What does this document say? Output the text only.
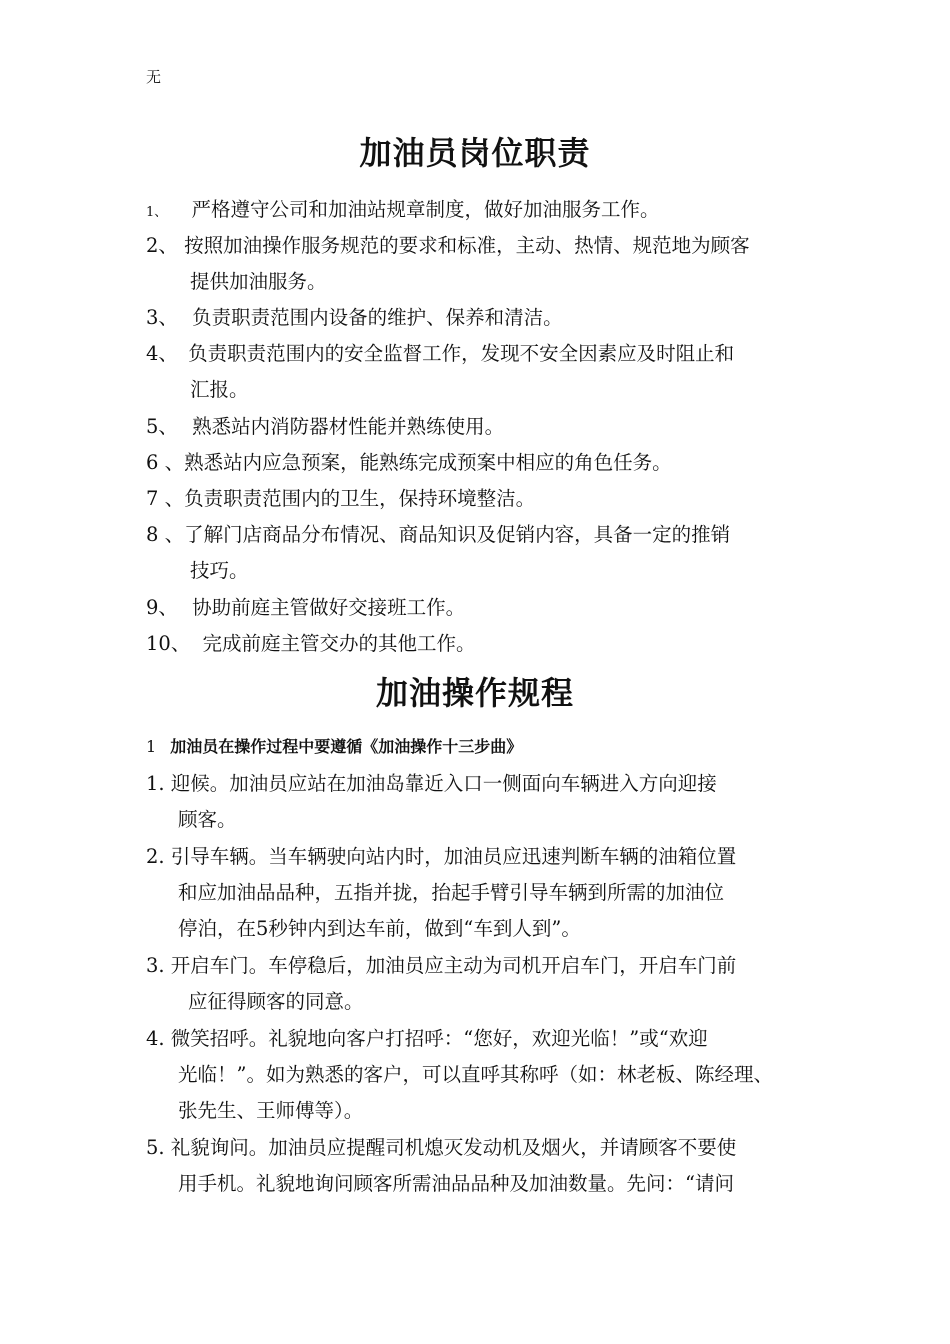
无
加油员岗位职责
1、 严格遵守公司和加油站规章制度，做好加油服务工作。
2、 按照加油操作服务规范的要求和标准，主动、热情、规范地为顾客
提供加油服务。
3、 负责职责范围内设备的维护、保养和清洁。
4、 负责职责范围内的安全监督工作，发现不安全因素应及时阻止和
汇报。
5、 熟悉站内消防器材性能并熟练使用。
6 、熟悉站内应急预案，能熟练完成预案中相应的角色任务。
7 、负责职责范围内的卫生，保持环境整洁。
8 、了解门店商品分布情况、商品知识及促销内容，具备一定的推销
技巧。
9、 协助前庭主管做好交接班工作。
10、 完成前庭主管交办的其他工作。
加油操作规程
1 加油员在操作过程中要遵循《加油操作十三步曲》
1. 迎候。加油员应站在加油岛靠近入口一侧面向车辆进入方向迎接
顾客。
2. 引导车辆。当车辆驶向站内时，加油员应迅速判断车辆的油箱位置
和应加油品品种，五指并拢，抬起手臂引导车辆到所需的加油位
停泊，在5秒钟内到达车前，做到“车到人到”。
3. 开启车门。车停稳后，加油员应主动为司机开启车门，开启车门前
应征得顾客的同意。
4. 微笑招呼。礼貌地向客户打招呼：“您好，欢迎光临！”或“欢迎
光临！”。如为熟悉的客户，可以直呼其称呼（如：林老板、陈经理、
张先生、王师傅等）。
5. 礼貌询问。加油员应提醒司机熄灭发动机及烟火，并请顾客不要使
用手机。礼貌地询问顾客所需油品品种及加油数量。先问：“请问
